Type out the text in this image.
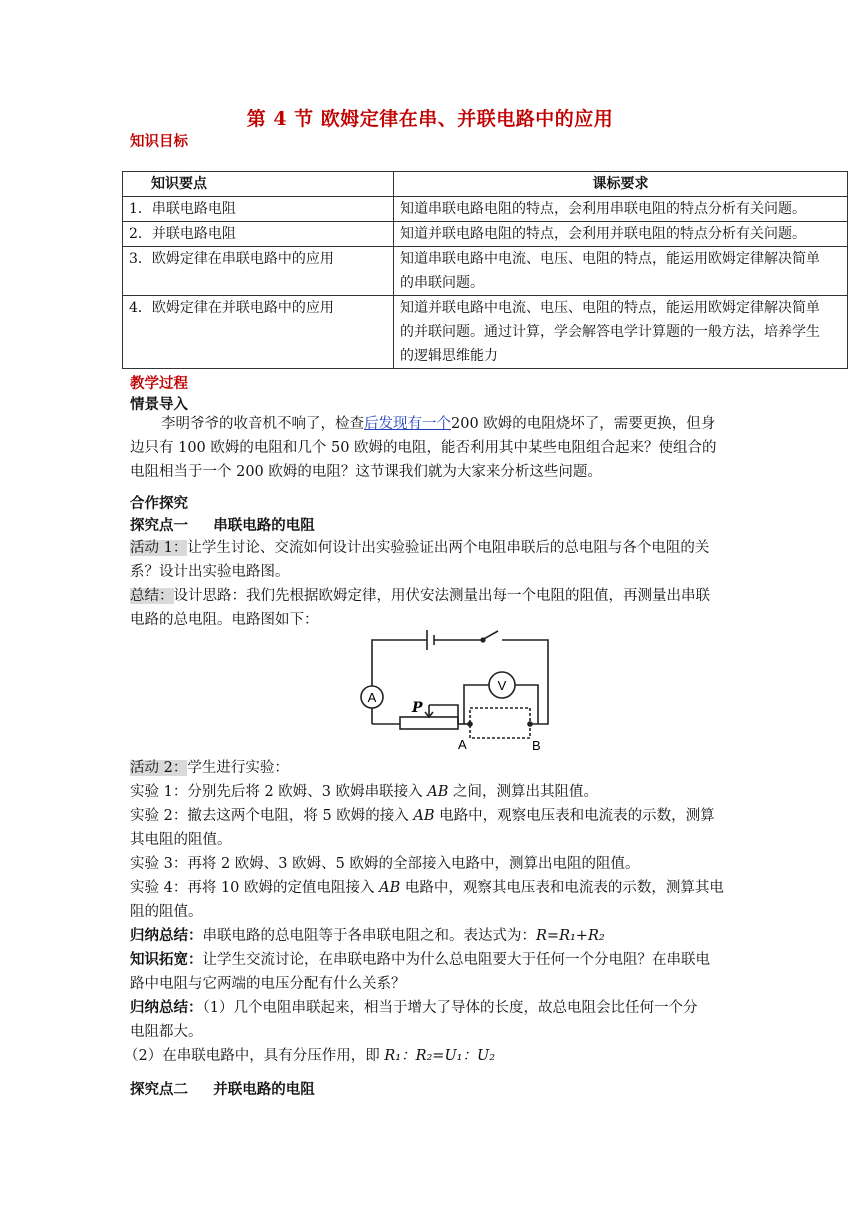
第 4 节 欧姆定律在串、并联电路中的应用
知识目标
知识要点	课标要求
1．串联电路电阻	知道串联电路电阻的特点，会利用串联电阻的特点分析有关问题。

2．并联电路电阻	知道并联电路电阻的特点，会利用并联电阻的特点分析有关问题。

3．欧姆定律在串联电路中的应用	知道串联电路中电流、电压、电阻的特点，能运用欧姆定律解决简单
的串联问题。

4．欧姆定律在并联电路中的应用	知道并联电路中电流、电压、电阻的特点，能运用欧姆定律解决简单
的并联问题。通过计算，学会解答电学计算题的一般方法，培养学生
的逻辑思维能力
教学过程
情景导入
李明爷爷的收音机不响了，检查后发现有一个200 欧姆的电阻烧坏了，需要更换，但身
边只有 100 欧姆的电阻和几个 50 欧姆的电阻，能否利用其中某些电阻组合起来？使组合的
电阻相当于一个 200 欧姆的电阻？这节课我们就为大家来分析这些问题。
合作探究
探究点一     串联电路的电阻
活动 1：让学生讨论、交流如何设计出实验验证出两个电阻串联后的总电阻与各个电阻的关
系？设计出实验电路图。
总结：设计思路：我们先根据欧姆定律，用伏安法测量出每一个电阻的阻值，再测量出串联
电路的总电阻。电路图如下：
A
V
P
A	B
活动 2：学生进行实验：
实验 1：分别先后将 2 欧姆、3 欧姆串联接入 AB 之间，测算出其阻值。
实验 2：撤去这两个电阻，将 5 欧姆的接入 AB 电路中，观察电压表和电流表的示数，测算
其电阻的阻值。
实验 3：再将 2 欧姆、3 欧姆、5 欧姆的全部接入电路中，测算出电阻的阻值。
实验 4：再将 10 欧姆的定值电阻接入 AB 电路中，观察其电压表和电流表的示数，测算其电
阻的阻值。
归纳总结：串联电路的总电阻等于各串联电阻之和。表达式为：R=R₁+R₂
知识拓宽：让学生交流讨论，在串联电路中为什么总电阻要大于任何一个分电阻？在串联电
路中电阻与它两端的电压分配有什么关系？
归纳总结：（1）几个电阻串联起来，相当于增大了导体的长度，故总电阻会比任何一个分
电阻都大。
（2）在串联电路中，具有分压作用，即 R₁：R₂=U₁：U₂
探究点二     并联电路的电阻
